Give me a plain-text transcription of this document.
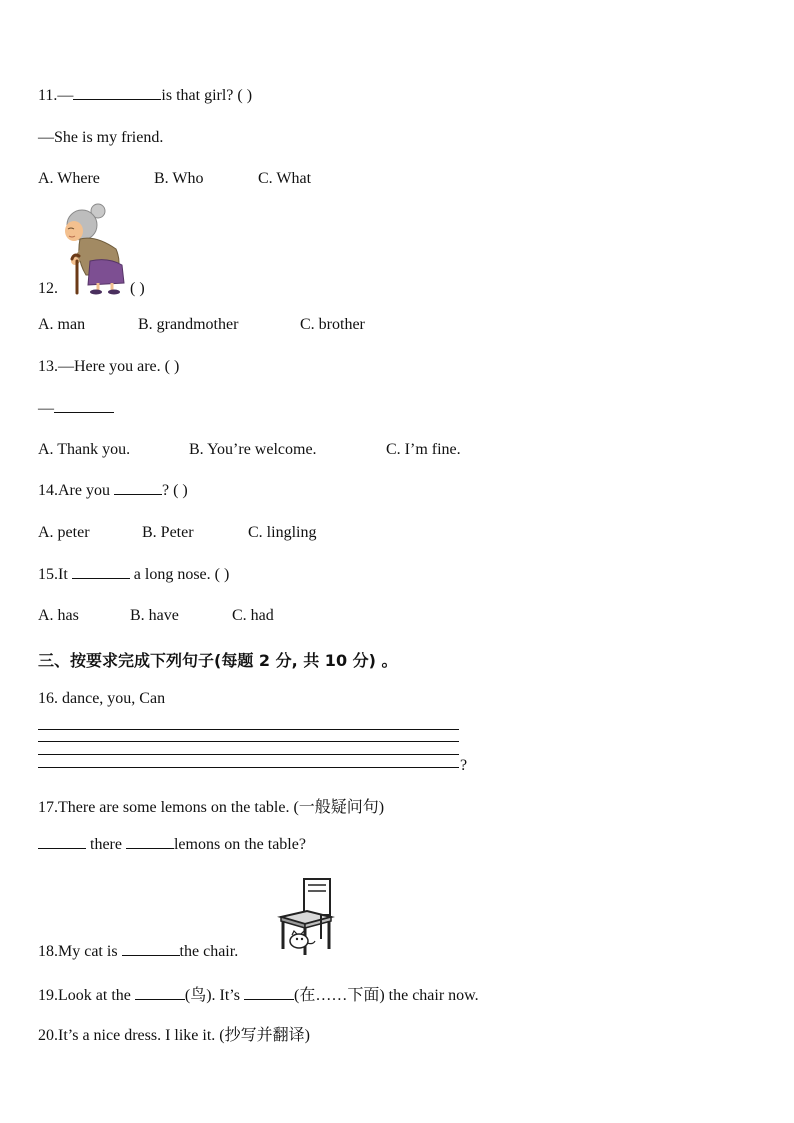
11.—	is that girl? ( )
—She is my friend.
A. Where	B. Who	C. What
12.	( )
A. man	B. grandmother	C. brother
13.—Here you are. ( )
—
A. Thank you.	B. You’re welcome.	C. I’m fine.
14.Are you	? ( )
A. peter	B. Peter	C. lingling
15.It	a long nose. ( )
A. has	B. have	C. had
三、按要求完成下列句子(每题 2 分, 共 10 分) 。
16. dance, you, Can
?
17.There are some lemons on the table. (一般疑问句)
there	lemons on the table?
18.My cat is	the chair.
19.Look at the	(鸟). It’s	(在……下面) the chair now.
20.It’s a nice dress. I like it. (抄写并翻译)
